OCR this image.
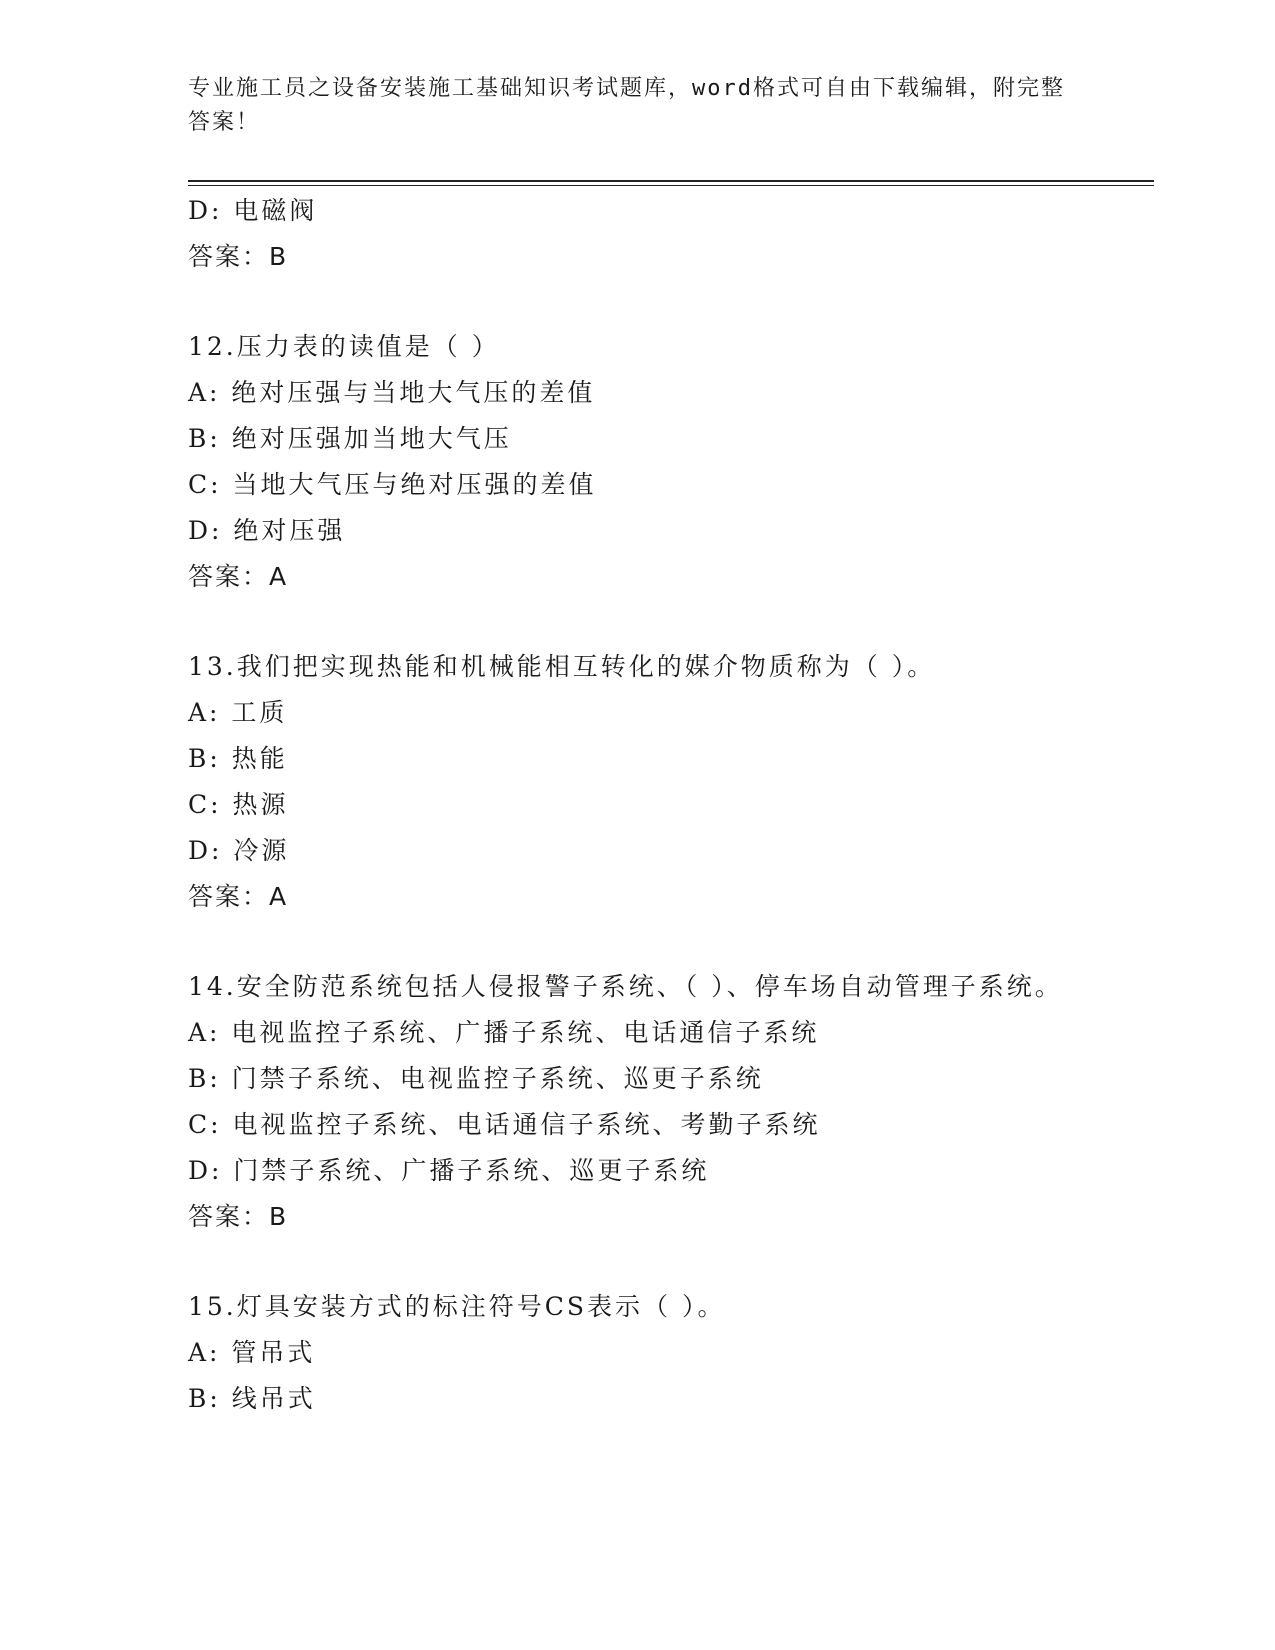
专业施工员之设备安装施工基础知识考试题库，word格式可自由下载编辑，附完整答案！
D: 电磁阀
答案：B
12.压力表的读值是（ ）
A: 绝对压强与当地大气压的差值
B: 绝对压强加当地大气压
C: 当地大气压与绝对压强的差值
D: 绝对压强
答案：A
13.我们把实现热能和机械能相互转化的媒介物质称为（ ）。
A: 工质
B: 热能
C: 热源
D: 冷源
答案：A
14.安全防范系统包括人侵报警子系统、（ ）、停车场自动管理子系统。
A: 电视监控子系统、广播子系统、电话通信子系统
B: 门禁子系统、电视监控子系统、巡更子系统
C: 电视监控子系统、电话通信子系统、考勤子系统
D: 门禁子系统、广播子系统、巡更子系统
答案：B
15.灯具安装方式的标注符号CS表示（ ）。
A: 管吊式
B: 线吊式
